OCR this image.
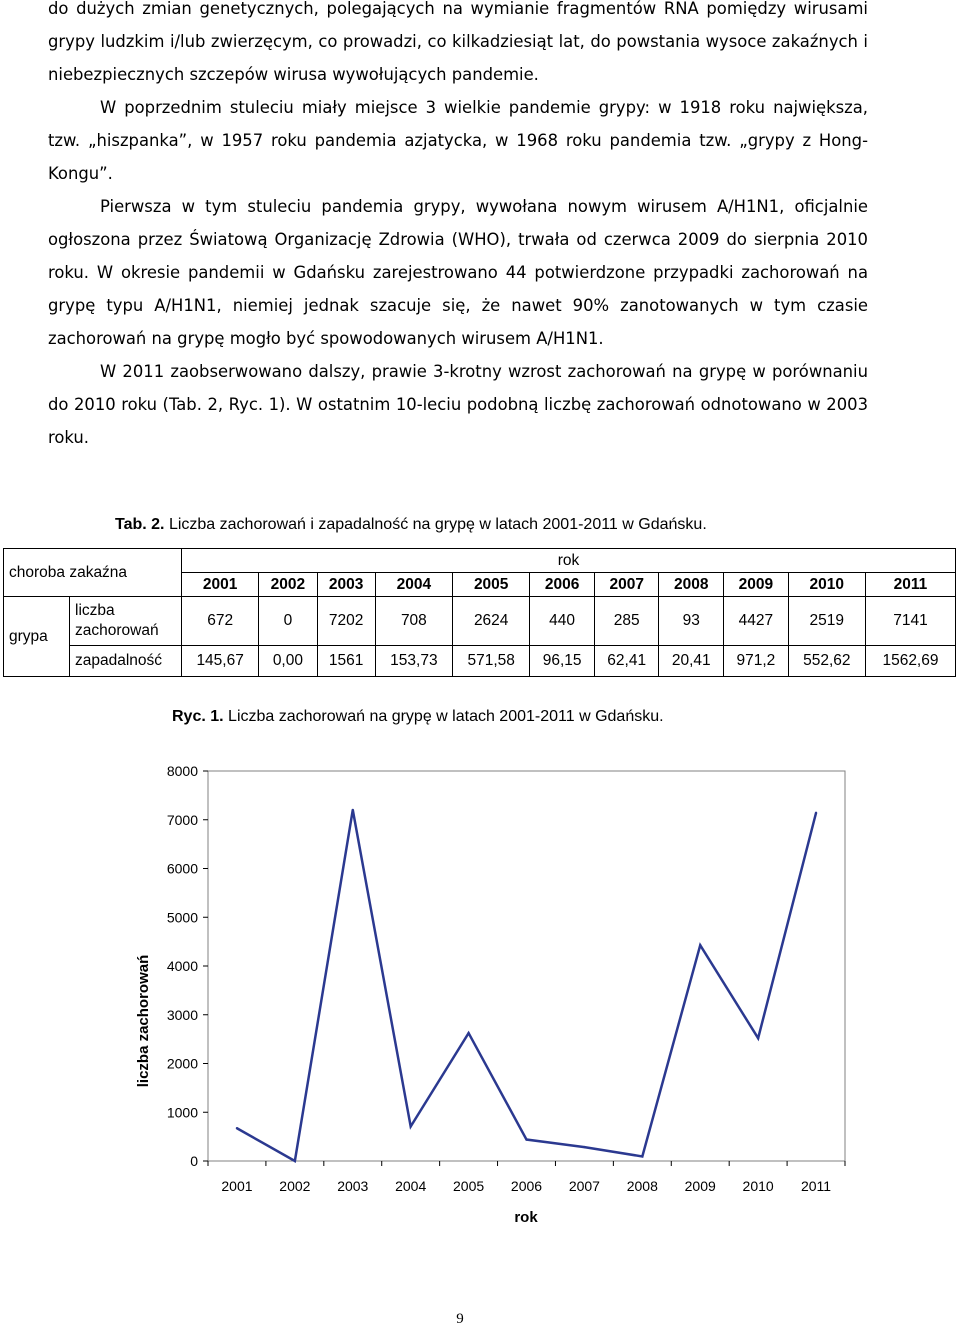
do dużych zmian genetycznych, polegających na wymianie fragmentów RNA pomiędzy wirusami grypy ludzkim i/lub zwierzęcym, co prowadzi, co kilkadziesiąt lat, do powstania wysoce zakaźnych i niebezpiecznych szczepów wirusa wywołujących pandemie.

W poprzednim stuleciu miały miejsce 3 wielkie pandemie grypy: w 1918 roku największa, tzw. „hiszpanka”, w 1957 roku pandemia azjatycka, w 1968 roku pandemia tzw. „grypy z Hong-Kongu”.

Pierwsza w tym stuleciu pandemia grypy, wywołana nowym wirusem A/H1N1, oficjalnie ogłoszona przez Światową Organizację Zdrowia (WHO), trwała od czerwca 2009 do sierpnia 2010 roku. W okresie pandemii w Gdańsku zarejestrowano 44 potwierdzone przypadki zachorowań na grypę typu A/H1N1, niemiej jednak szacuje się, że nawet 90% zanotowanych w tym czasie zachorowań na grypę mogło być spowodowanych wirusem A/H1N1.

W 2011 zaobserwowano dalszy, prawie 3-krotny wzrost zachorowań na grypę w porównaniu do 2010 roku (Tab. 2, Ryc. 1). W ostatnim 10-leciu podobną liczbę zachorowań odnotowano w 2003 roku.

Tab. 2. Liczba zachorowań i zapadalność na grypę w latach 2001-2011 w Gdańsku.
choroba zakaźna		rok										
		2001	2002	2003	2004	2005	2006	2007	2008	2009	2010	2011
grypa	liczba zachorowań	672	0	7202	708	2624	440	285	93	4427	2519	7141
	zapadalność	145,67	0,00	1561	153,73	571,58	96,15	62,41	20,41	971,2	552,62	1562,69
Ryc. 1. Liczba zachorowań na grypę w latach 2001-2011 w Gdańsku.
liczba zachorowań
rok
0
1000
2000
3000
4000
5000
6000
7000
8000
2001 2002 2003 2004 2005 2006 2007 2008 2009 2010 2011
9
